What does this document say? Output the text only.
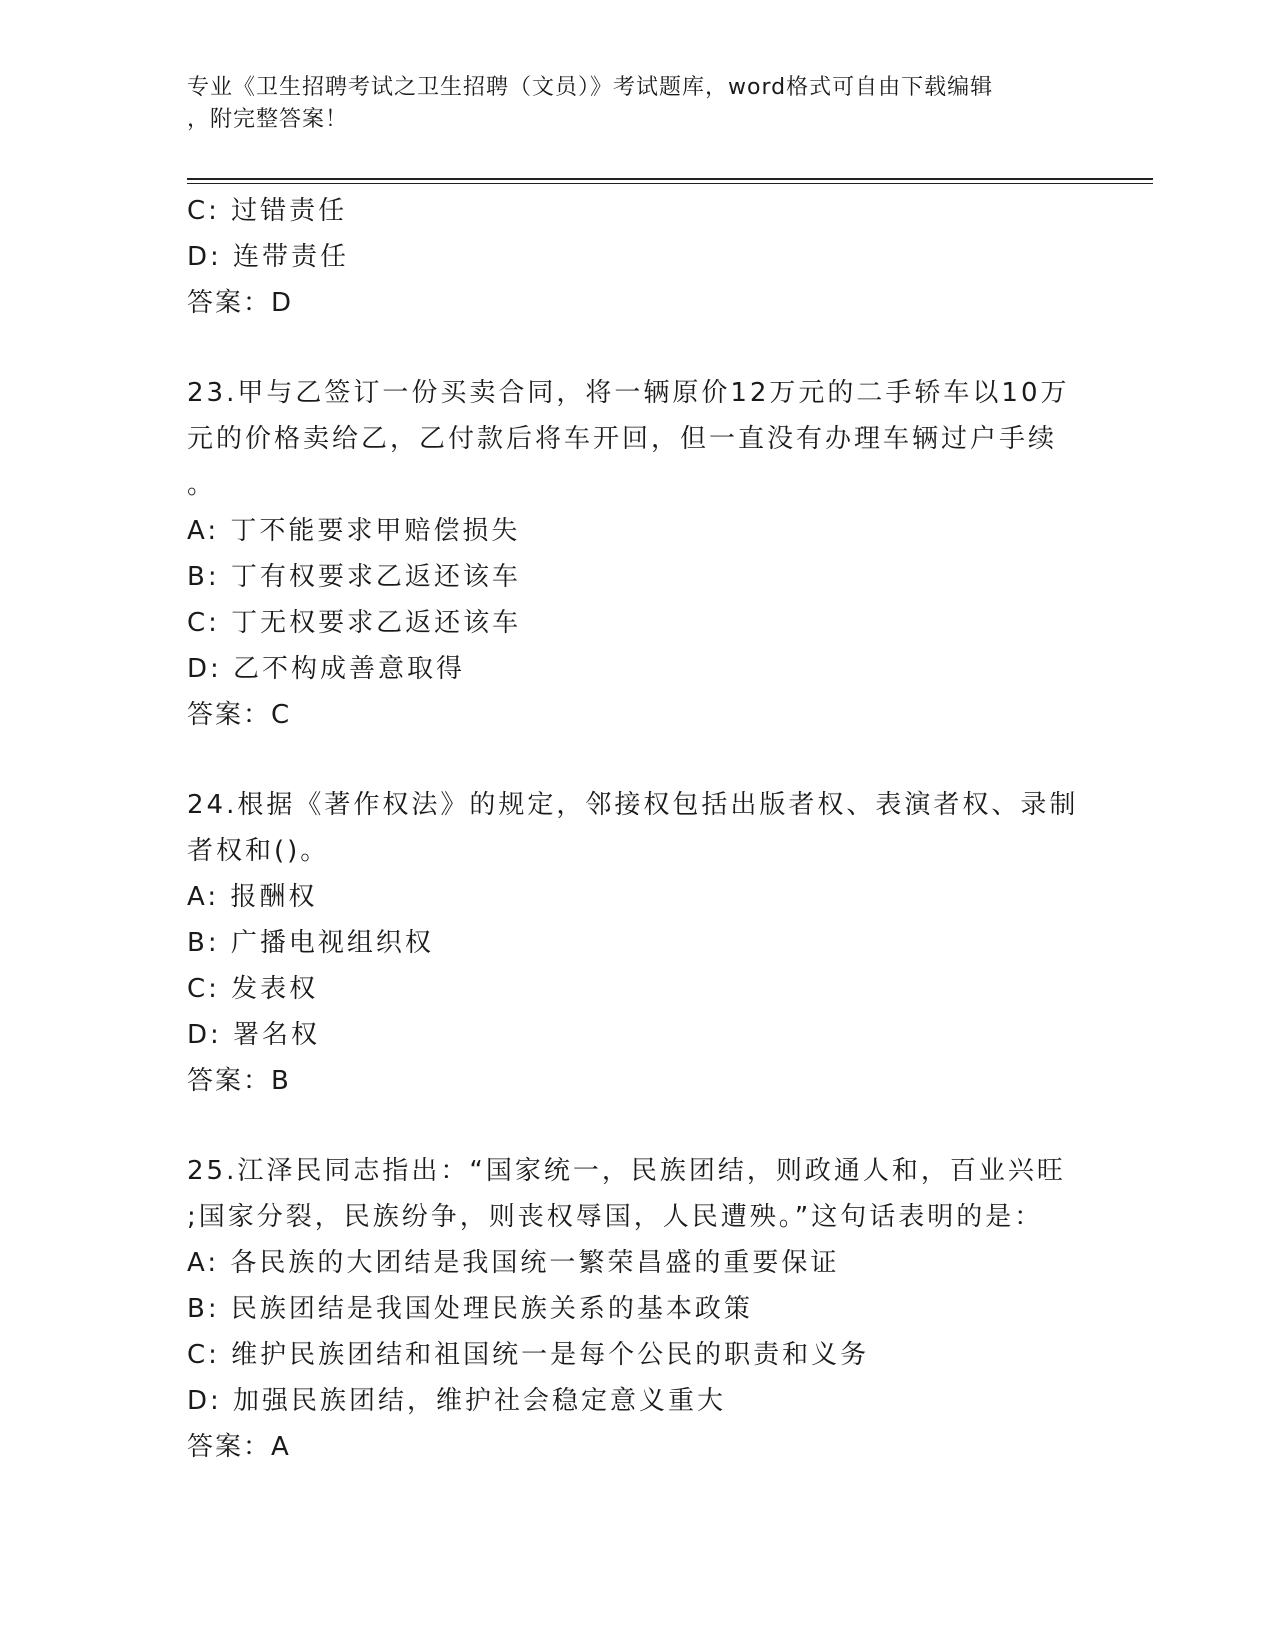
专业《卫生招聘考试之卫生招聘（文员）》考试题库，word格式可自由下载编辑
，附完整答案！
C: 过错责任
D: 连带责任
答案：D
23.甲与乙签订一份买卖合同，将一辆原价12万元的二手轿车以10万
元的价格卖给乙，乙付款后将车开回，但一直没有办理车辆过户手续
。
A: 丁不能要求甲赔偿损失
B: 丁有权要求乙返还该车
C: 丁无权要求乙返还该车
D: 乙不构成善意取得
答案：C
24.根据《著作权法》的规定，邻接权包括出版者权、表演者权、录制
者权和()。
A: 报酬权
B: 广播电视组织权
C: 发表权
D: 署名权
答案：B
25.江泽民同志指出：“国家统一，民族团结，则政通人和，百业兴旺
;国家分裂，民族纷争，则丧权辱国，人民遭殃。”这句话表明的是：
A: 各民族的大团结是我国统一繁荣昌盛的重要保证
B: 民族团结是我国处理民族关系的基本政策
C: 维护民族团结和祖国统一是每个公民的职责和义务
D: 加强民族团结，维护社会稳定意义重大
答案：A
